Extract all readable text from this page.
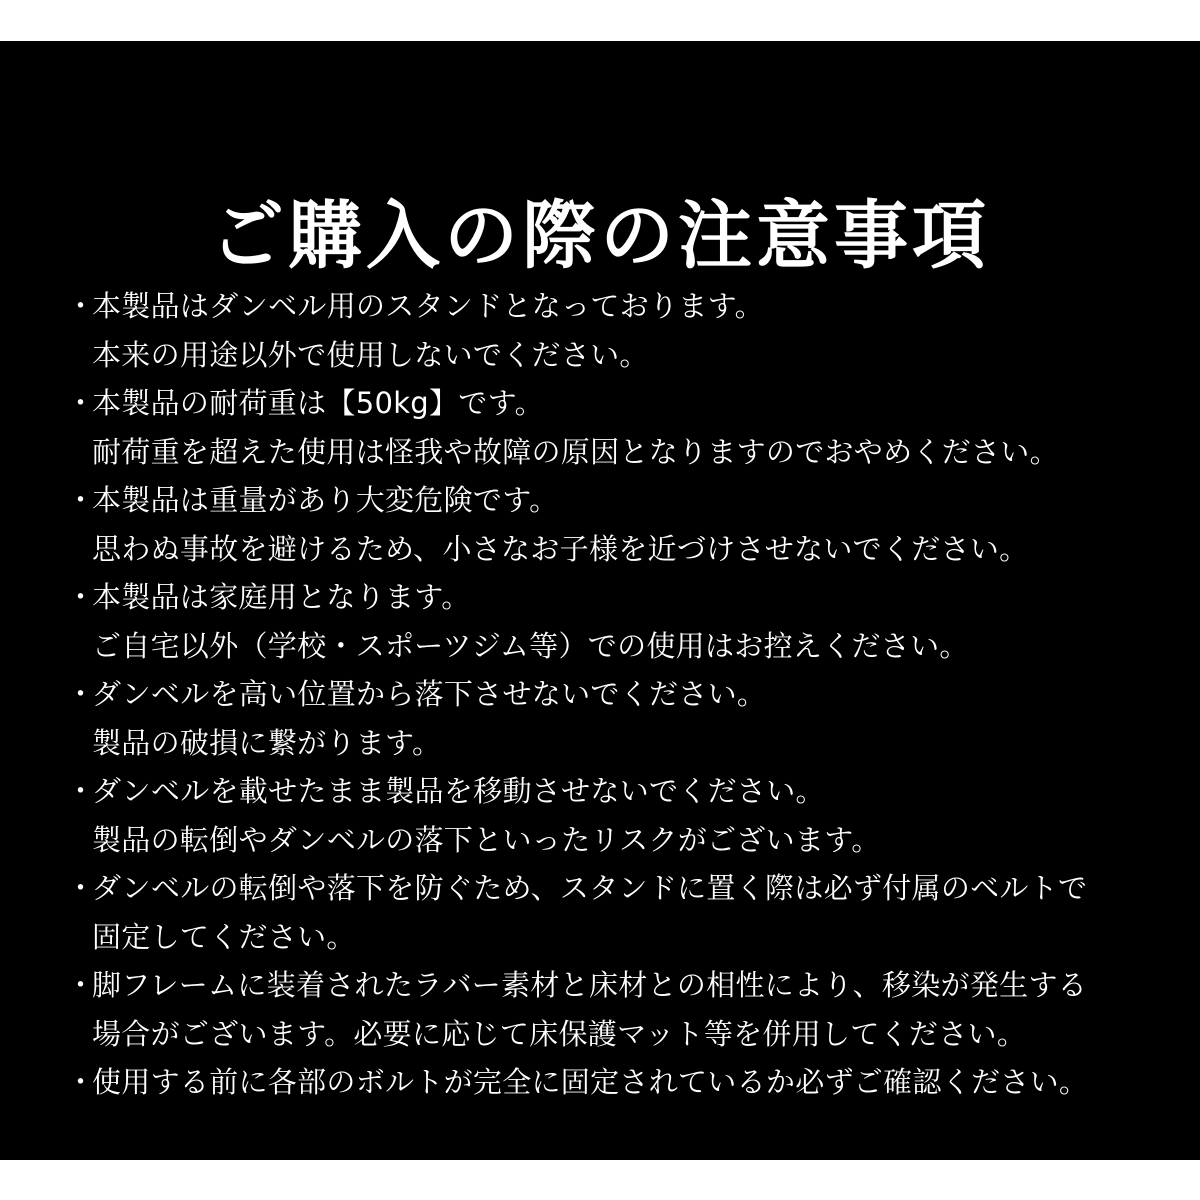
ご購入の際の注意事項
・
本製品はダンベル用のスタンドとなっております。
本来の用途以外で使用しないでください。
・
本製品の耐荷重は【50kg】です。
耐荷重を超えた使用は怪我や故障の原因となりますのでおやめください。
・
本製品は重量があり大変危険です。
思わぬ事故を避けるため、小さなお子様を近づけさせないでください。
・
本製品は家庭用となります。
ご自宅以外（学校・スポーツジム等）での使用はお控えください。
・
ダンベルを高い位置から落下させないでください。
製品の破損に繋がります。
・
ダンベルを載せたまま製品を移動させないでください。
製品の転倒やダンベルの落下といったリスクがございます。
・
ダンベルの転倒や落下を防ぐため、スタンドに置く際は必ず付属のベルトで
固定してください。
・
脚フレームに装着されたラバー素材と床材との相性により、移染が発生する
場合がございます。必要に応じて床保護マット等を併用してください。
・
使用する前に各部のボルトが完全に固定されているか必ずご確認ください。
